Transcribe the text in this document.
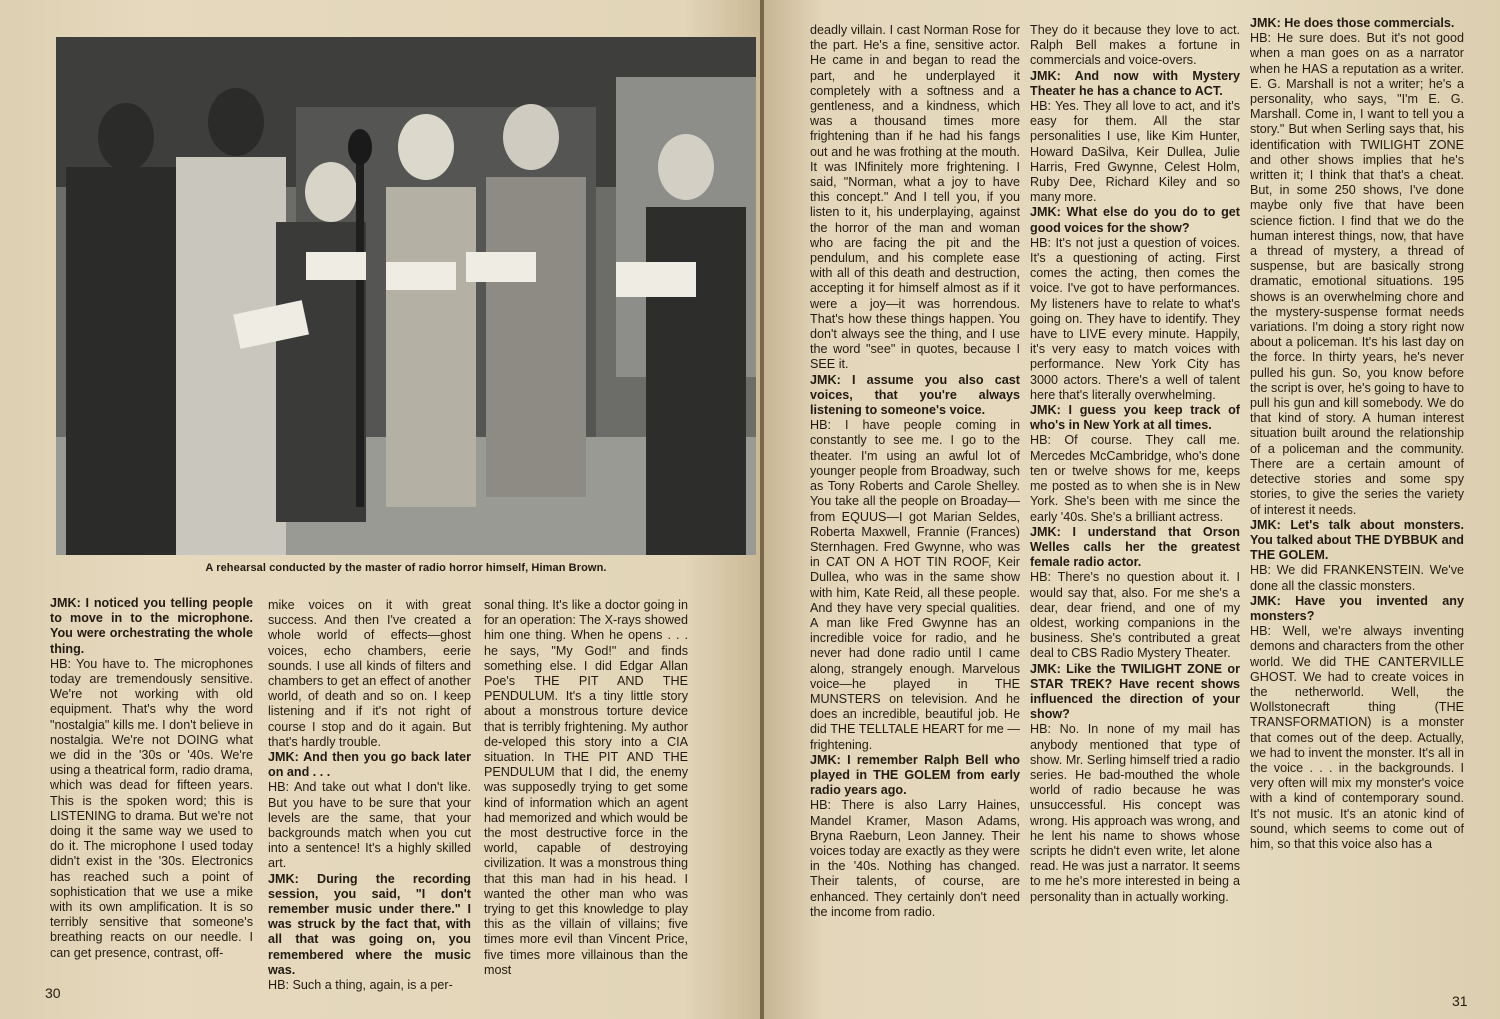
A rehearsal conducted by the master of radio horror himself, Himan Brown.

JMK: I noticed you telling people to move in to the microphone. You were orchestrating the whole thing.

HB: You have to. The microphones today are tremendously sensitive. We're not working with old equipment. That's why the word "nostalgia" kills me. I don't believe in nostalgia. We're not DOING what we did in the '30s or '40s. We're using a theatrical form, radio drama, which was dead for fifteen years. This is the spoken word; this is LISTENING to drama. But we're not doing it the same way we used to do it. The microphone I used today didn't exist in the '30s. Electronics has reached such a point of sophistication that we use a mike with its own amplification. It is so terribly sensitive that someone's breathing reacts on our needle. I can get presence, contrast, off-

mike voices on it with great success. And then I've created a whole world of effects—ghost voices, echo chambers, eerie sounds. I use all kinds of filters and chambers to get an effect of another world, of death and so on. I keep listening and if it's not right of course I stop and do it again. But that's hardly trouble.

JMK: And then you go back later on and . . .

HB: And take out what I don't like. But you have to be sure that your levels are the same, that your backgrounds match when you cut into a sentence! It's a highly skilled art.

JMK: During the recording session, you said, "I don't remember music under there." I was struck by the fact that, with all that was going on, you remembered where the music was.

HB: Such a thing, again, is a per-

sonal thing. It's like a doctor going in for an operation: The X-rays showed him one thing. When he opens . . . he says, "My God!" and finds something else. I did Edgar Allan Poe's THE PIT AND THE PENDULUM. It's a tiny little story about a monstrous torture device that is terribly frightening. My author de-veloped this story into a CIA situation. In THE PIT AND THE PENDULUM that I did, the enemy was supposedly trying to get some kind of information which an agent had memorized and which would be the most destructive force in the world, capable of destroying civilization. It was a monstrous thing that this man had in his head. I wanted the other man who was trying to get this knowledge to play this as the villain of villains; five times more evil than Vincent Price, five times more villainous than the most

30

deadly villain. I cast Norman Rose for the part. He's a fine, sensitive actor. He came in and began to read the part, and he underplayed it completely with a softness and a gentleness, and a kindness, which was a thousand times more frightening than if he had his fangs out and he was frothing at the mouth. It was INfinitely more frightening. I said, "Norman, what a joy to have this concept." And I tell you, if you listen to it, his underplaying, against the horror of the man and woman who are facing the pit and the pendulum, and his complete ease with all of this death and destruction, accepting it for himself almost as if it were a joy—it was horrendous. That's how these things happen. You don't always see the thing, and I use the word "see" in quotes, because I SEE it.

JMK: I assume you also cast voices, that you're always listening to someone's voice.

HB: I have people coming in constantly to see me. I go to the theater. I'm using an awful lot of younger people from Broadway, such as Tony Roberts and Carole Shelley. You take all the people on Broaday—from EQUUS—I got Marian Seldes, Roberta Maxwell, Frannie (Frances) Sternhagen. Fred Gwynne, who was in CAT ON A HOT TIN ROOF, Keir Dullea, who was in the same show with him, Kate Reid, all these people. And they have very special qualities. A man like Fred Gwynne has an incredible voice for radio, and he never had done radio until I came along, strangely enough. Marvelous voice—he played in THE MUNSTERS on television. And he does an incredible, beautiful job. He did THE TELLTALE HEART for me — frightening.

JMK: I remember Ralph Bell who played in THE GOLEM from early radio years ago.

HB: There is also Larry Haines, Mandel Kramer, Mason Adams, Bryna Raeburn, Leon Janney. Their voices today are exactly as they were in the '40s. Nothing has changed. Their talents, of course, are enhanced. They certainly don't need the income from radio.

They do it because they love to act. Ralph Bell makes a fortune in commercials and voice-overs.

JMK: And now with Mystery Theater he has a chance to ACT.

HB: Yes. They all love to act, and it's easy for them. All the star personalities I use, like Kim Hunter, Howard DaSilva, Keir Dullea, Julie Harris, Fred Gwynne, Celest Holm, Ruby Dee, Richard Kiley and so many more.

JMK: What else do you do to get good voices for the show?

HB: It's not just a question of voices. It's a questioning of acting. First comes the acting, then comes the voice. I've got to have performances. My listeners have to relate to what's going on. They have to identify. They have to LIVE every minute. Happily, it's very easy to match voices with performance. New York City has 3000 actors. There's a well of talent here that's literally overwhelming.

JMK: I guess you keep track of who's in New York at all times.

HB: Of course. They call me. Mercedes McCambridge, who's done ten or twelve shows for me, keeps me posted as to when she is in New York. She's been with me since the early '40s. She's a brilliant actress.

JMK: I understand that Orson Welles calls her the greatest female radio actor.

HB: There's no question about it. I would say that, also. For me she's a dear, dear friend, and one of my oldest, working companions in the business. She's contributed a great deal to CBS Radio Mystery Theater.

JMK: Like the TWILIGHT ZONE or STAR TREK? Have recent shows influenced the direction of your show?

HB: No. In none of my mail has anybody mentioned that type of show. Mr. Serling himself tried a radio series. He bad-mouthed the whole world of radio because he was unsuccessful. His concept was wrong. His approach was wrong, and he lent his name to shows whose scripts he didn't even write, let alone read. He was just a narrator. It seems to me he's more interested in being a personality than in actually working.

JMK: He does those commercials.

HB: He sure does. But it's not good when a man goes on as a narrator when he HAS a reputation as a writer. E. G. Marshall is not a writer; he's a personality, who says, "I'm E. G. Marshall. Come in, I want to tell you a story." But when Serling says that, his identification with TWILIGHT ZONE and other shows implies that he's written it; I think that that's a cheat. But, in some 250 shows, I've done maybe only five that have been science fiction. I find that we do the human interest things, now, that have a thread of mystery, a thread of suspense, but are basically strong dramatic, emotional situations. 195 shows is an overwhelming chore and the mystery-suspense format needs variations. I'm doing a story right now about a policeman. It's his last day on the force. In thirty years, he's never pulled his gun. So, you know before the script is over, he's going to have to pull his gun and kill somebody. We do that kind of story. A human interest situation built around the relationship of a policeman and the community. There are a certain amount of detective stories and some spy stories, to give the series the variety of interest it needs.

JMK: Let's talk about monsters. You talked about THE DYBBUK and THE GOLEM.

HB: We did FRANKENSTEIN. We've done all the classic monsters.

JMK: Have you invented any monsters?

HB: Well, we're always inventing demons and characters from the other world. We did THE CANTERVILLE GHOST. We had to create voices in the netherworld. Well, the Wollstonecraft thing (THE TRANSFORMATION) is a monster that comes out of the deep. Actually, we had to invent the monster. It's all in the voice . . . in the backgrounds. I very often will mix my monster's voice with a kind of contemporary sound. It's not music. It's an atonic kind of sound, which seems to come out of him, so that this voice also has a

31
